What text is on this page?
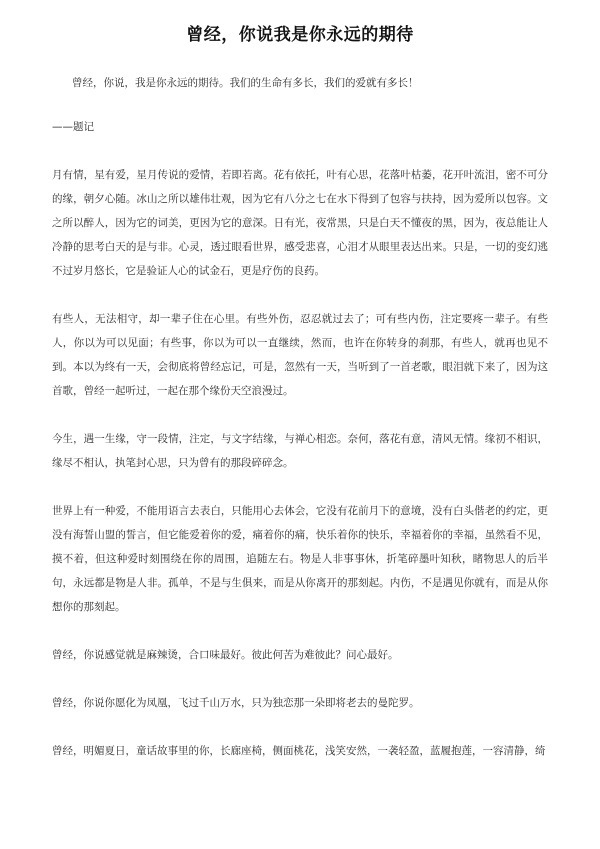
曾经，你说我是你永远的期待

曾经，你说，我是你永远的期待。我们的生命有多长，我们的爱就有多长！

——题记

月有情，星有爱，星月传说的爱情，若即若离。花有依托，叶有心思，花落叶枯萎，花开叶流泪，密不可分的缘，朝夕心随。冰山之所以雄伟壮观，因为它有八分之七在水下得到了包容与扶持，因为爱所以包容。文之所以醉人，因为它的词美，更因为它的意深。日有光，夜常黑，只是白天不懂夜的黑，因为，夜总能让人冷静的思考白天的是与非。心灵，透过眼看世界，感受悲喜，心泪才从眼里表达出来。只是，一切的变幻逃不过岁月悠长，它是验证人心的试金石，更是疗伤的良药。

有些人，无法相守，却一辈子住在心里。有些外伤，忍忍就过去了；可有些内伤，注定要疼一辈子。有些人，你以为可以见面；有些事，你以为可以一直继续，然而，也许在你转身的刹那，有些人，就再也见不到。本以为终有一天，会彻底将曾经忘记，可是，忽然有一天，当听到了一首老歌，眼泪就下来了，因为这首歌，曾经一起听过，一起在那个缘份天空浪漫过。

今生，遇一生缘，守一段情，注定，与文字结缘，与禅心相恋。奈何，落花有意，清风无情。缘初不相识，缘尽不相认，执笔封心思，只为曾有的那段碎碎念。

世界上有一种爱，不能用语言去表白，只能用心去体会，它没有花前月下的意境，没有白头偕老的约定，更没有海誓山盟的誓言，但它能爱着你的爱，痛着你的痛，快乐着你的快乐，幸福着你的幸福，虽然看不见，摸不着，但这种爱时刻围绕在你的周围，追随左右。物是人非事事休，折笔碎墨叶知秋，睹物思人的后半句，永远都是物是人非。孤单，不是与生俱来，而是从你离开的那刻起。内伤，不是遇见你就有，而是从你想你的那刻起。

曾经，你说感觉就是麻辣烫，合口味最好。彼此何苦为难彼此？问心最好。

曾经，你说你愿化为凤凰，飞过千山万水，只为独恋那一朵即将老去的曼陀罗。

曾经，明媚夏日，童话故事里的你，长廊座椅，侧面桃花，浅笑安然，一袭轻盈，蓝履抱莲，一容清静，绮
